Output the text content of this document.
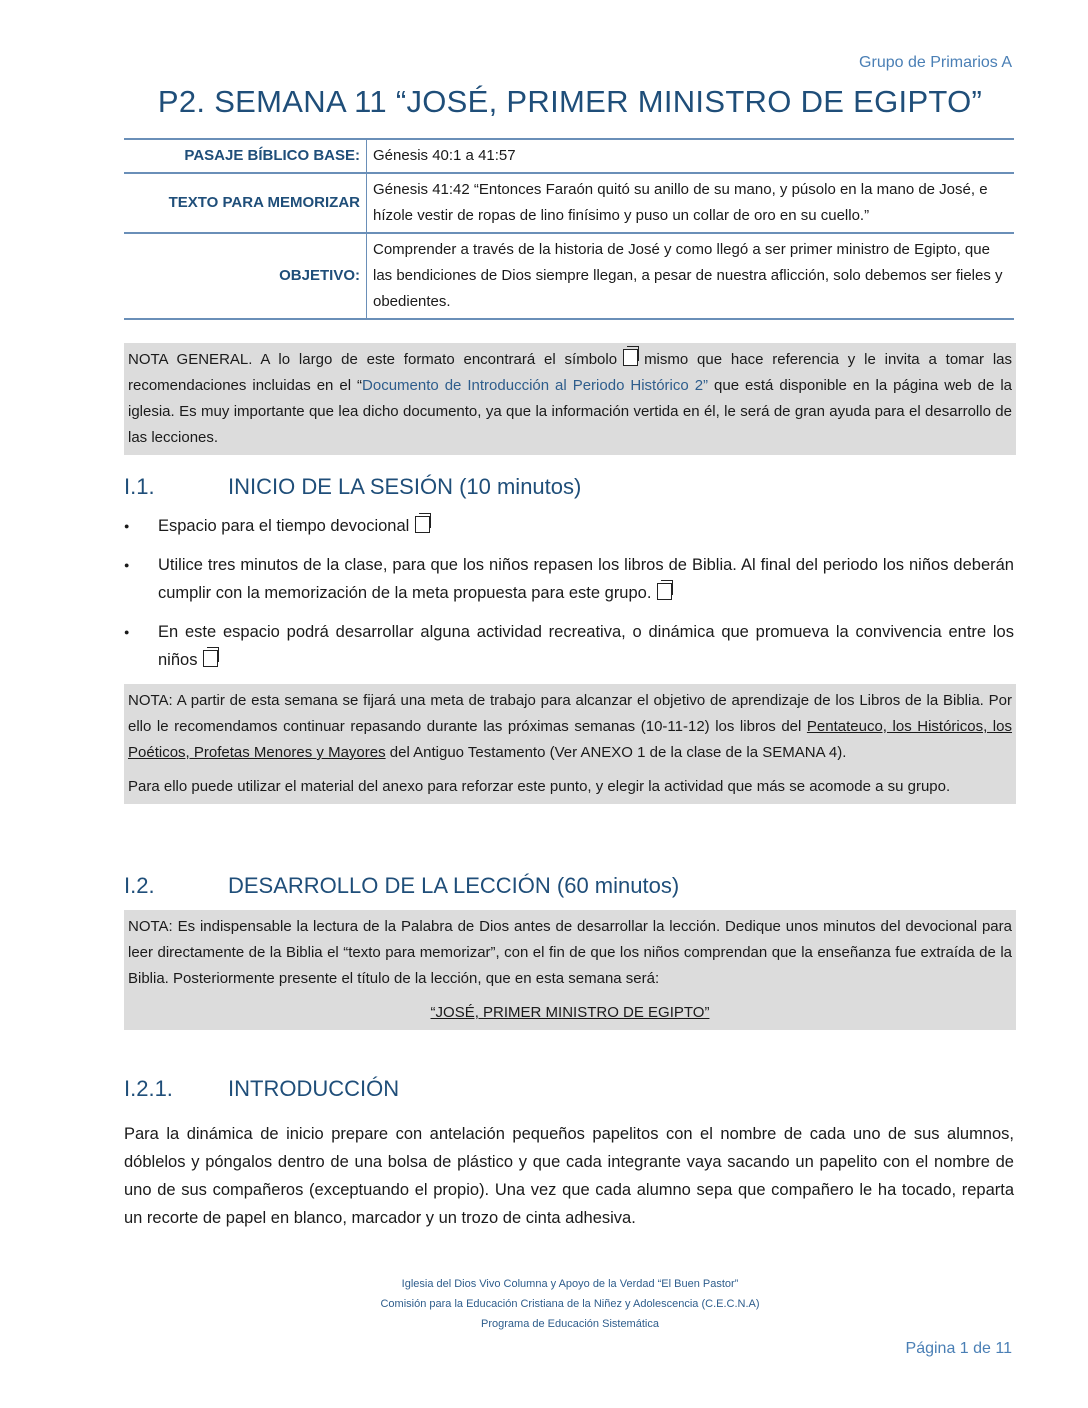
Grupo de Primarios A
P2. SEMANA 11 “JOSÉ, PRIMER MINISTRO DE EGIPTO”
PASAJE BÍBLICO BASE:	Génesis 40:1 a 41:57
TEXTO PARA MEMORIZAR	Génesis 41:42 “Entonces Faraón quitó su anillo de su mano, y púsolo en la mano de José, e hízole vestir de ropas de lino finísimo y puso un collar de oro en su cuello.”
OBJETIVO:	Comprender a través de la historia de José y como llegó a ser primer ministro de Egipto, que las bendiciones de Dios siempre llegan, a pesar de nuestra aflicción, solo debemos ser fieles y obedientes.
NOTA GENERAL. A lo largo de este formato encontrará el símbolo mismo que hace referencia y le invita a tomar las recomendaciones incluidas en el “Documento de Introducción al Periodo Histórico 2” que está disponible en la página web de la iglesia. Es muy importante que lea dicho documento, ya que la información vertida en él, le será de gran ayuda para el desarrollo de las lecciones.
I.1.	INICIO DE LA SESIÓN (10 minutos)
● Espacio para el tiempo devocional
● Utilice tres minutos de la clase, para que los niños repasen los libros de Biblia. Al final del periodo los niños deberán cumplir con la memorización de la meta propuesta para este grupo.
● En este espacio podrá desarrollar alguna actividad recreativa, o dinámica que promueva la convivencia entre los niños

NOTA: A partir de esta semana se fijará una meta de trabajo para alcanzar el objetivo de aprendizaje de los Libros de la Biblia. Por ello le recomendamos continuar repasando durante las próximas semanas (10-11-12) los libros del Pentateuco, los Históricos, los Poéticos, Profetas Menores y Mayores del Antiguo Testamento (Ver ANEXO 1 de la clase de la SEMANA 4).

Para ello puede utilizar el material del anexo para reforzar este punto, y elegir la actividad que más se acomode a su grupo.

I.2.	DESARROLLO DE LA LECCIÓN (60 minutos)

NOTA: Es indispensable la lectura de la Palabra de Dios antes de desarrollar la lección. Dedique unos minutos del devocional para leer directamente de la Biblia el “texto para memorizar”, con el fin de que los niños comprendan que la enseñanza fue extraída de la Biblia. Posteriormente presente el título de la lección, que en esta semana será:

“JOSÉ, PRIMER MINISTRO DE EGIPTO”

I.2.1.	INTRODUCCIÓN
Para la dinámica de inicio prepare con antelación pequeños papelitos con el nombre de cada uno de sus alumnos, dóblelos y póngalos dentro de una bolsa de plástico y que cada integrante vaya sacando un papelito con el nombre de uno de sus compañeros (exceptuando el propio). Una vez que cada alumno sepa que compañero le ha tocado, reparta un recorte de papel en blanco, marcador y un trozo de cinta adhesiva.
Iglesia del Dios Vivo Columna y Apoyo de la Verdad “El Buen Pastor”
Comisión para la Educación Cristiana de la Niñez y Adolescencia (C.E.C.N.A)
Programa de Educación Sistemática
Página 1 de 11
